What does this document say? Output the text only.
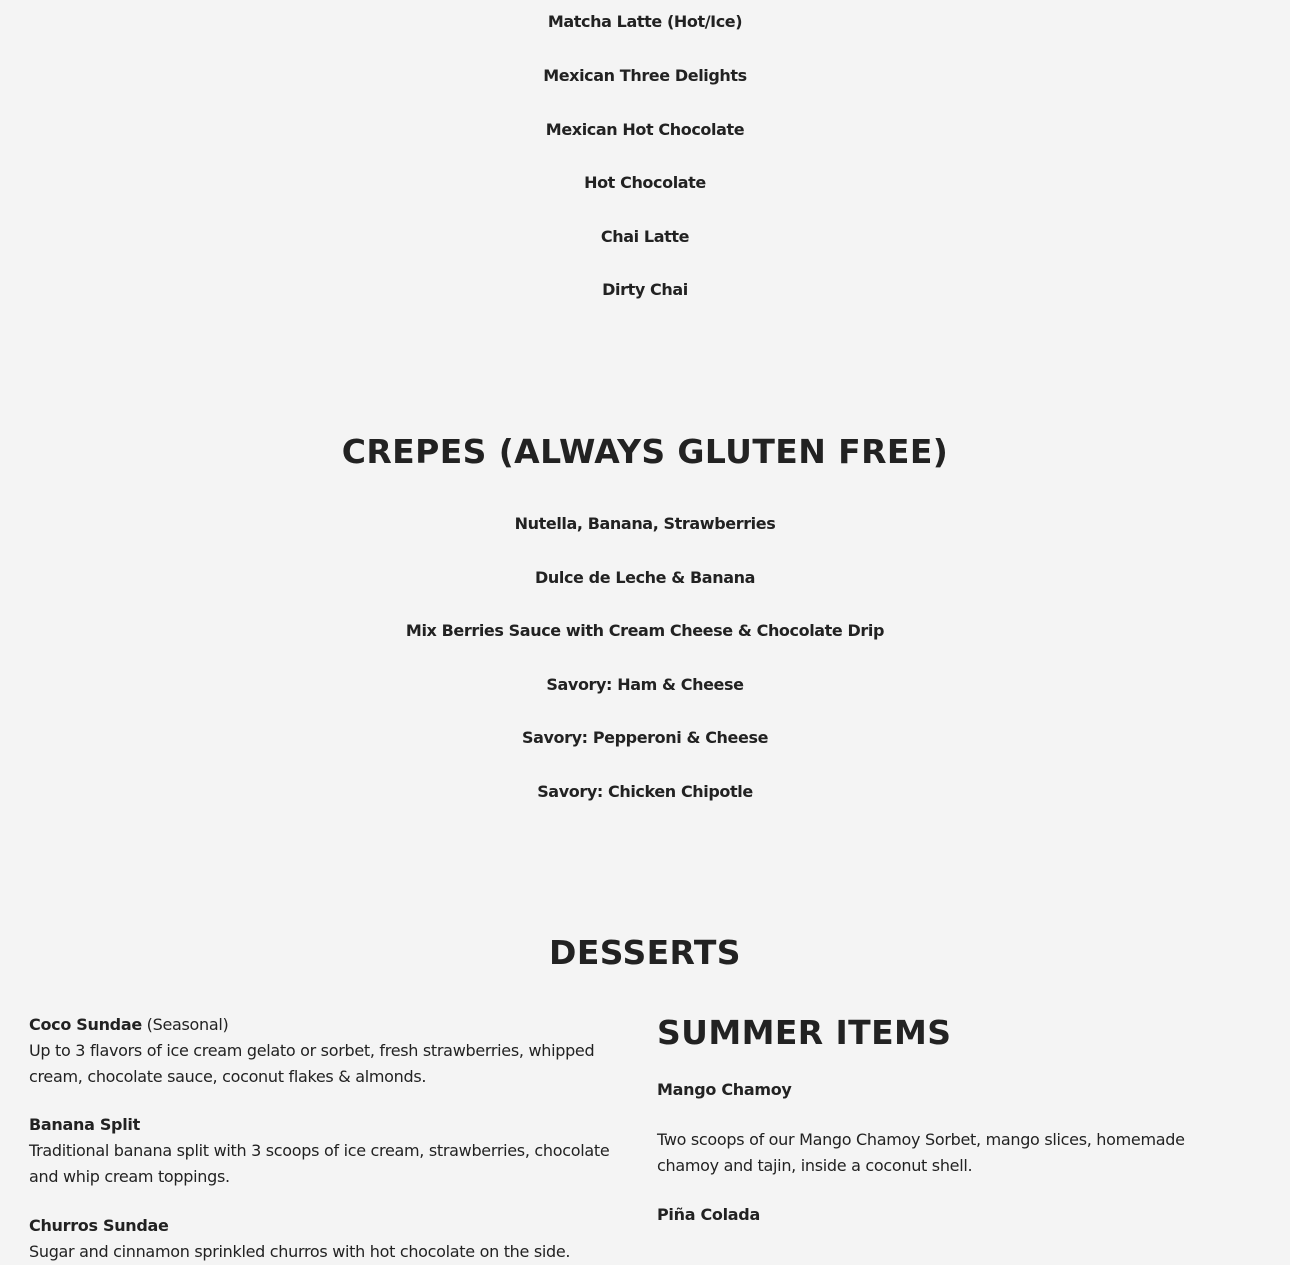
Matcha Latte (Hot/Ice)
Mexican Three Delights
Mexican Hot Chocolate
Hot Chocolate
Chai Latte
Dirty Chai
CREPES (ALWAYS GLUTEN FREE)
Nutella, Banana, Strawberries
Dulce de Leche & Banana
Mix Berries Sauce with Cream Cheese & Chocolate Drip
Savory: Ham & Cheese
Savory: Pepperoni & Cheese
Savory: Chicken Chipotle
DESSERTS
Coco Sundae (Seasonal)
Up to 3 flavors of ice cream gelato or sorbet, fresh strawberries, whipped cream, chocolate sauce, coconut flakes & almonds.
Banana Split
Traditional banana split with 3 scoops of ice cream, strawberries, chocolate and whip cream toppings.
Churros Sundae
Sugar and cinnamon sprinkled churros with hot chocolate on the side.
SUMMER ITEMS
Mango Chamoy
Two scoops of our Mango Chamoy Sorbet, mango slices, homemade chamoy and tajin, inside a coconut shell.
Piña Colada
